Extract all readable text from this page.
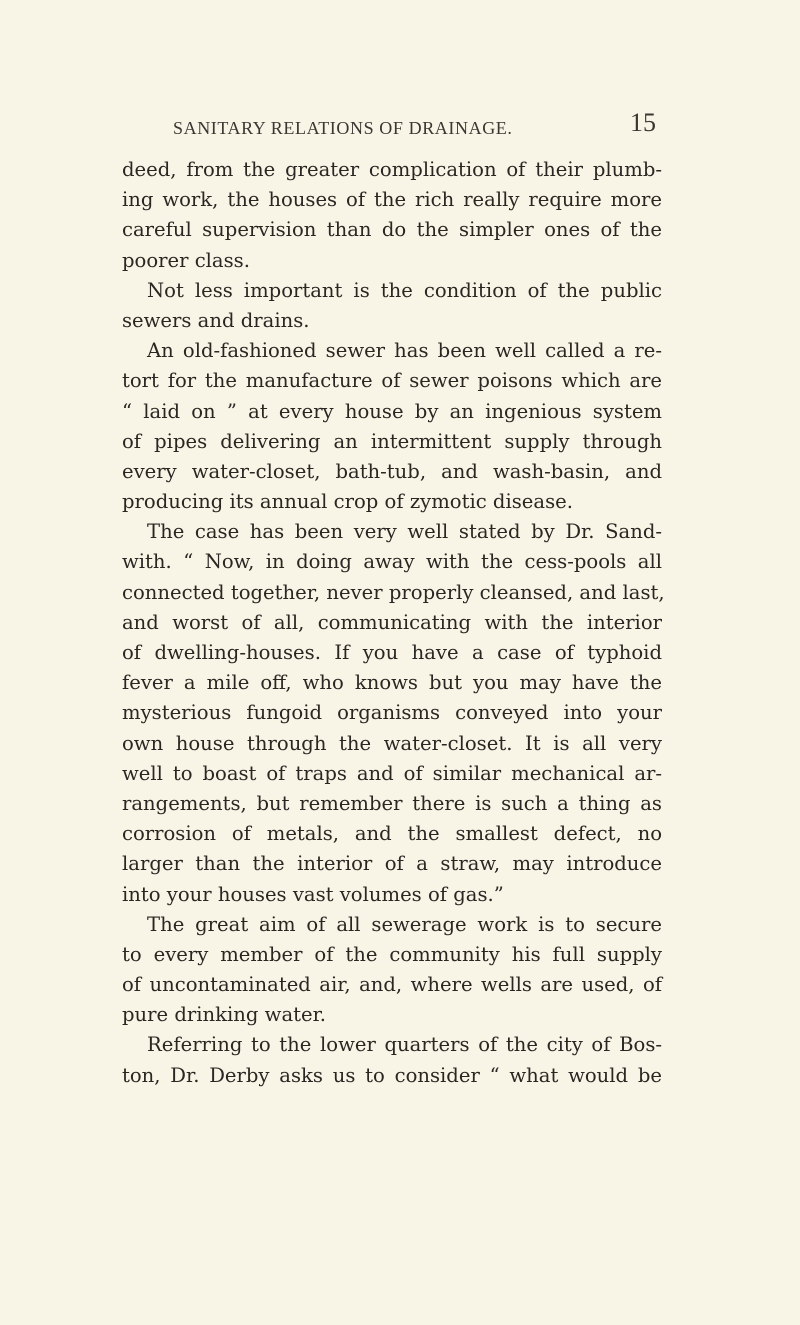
SANITARY RELATIONS OF DRAINAGE.	15
deed, from the greater complication of their plumb-
ing work, the houses of the rich really require more
careful supervision than do the simpler ones of the
poorer class.
Not less important is the condition of the public
sewers and drains.
An old-fashioned sewer has been well called a re-
tort for the manufacture of sewer poisons which are
“ laid on ” at every house by an ingenious system
of pipes delivering an intermittent supply through
every water-closet, bath-tub, and wash-basin, and
producing its annual crop of zymotic disease.
The case has been very well stated by Dr. Sand-
with. “ Now, in doing away with the cess-pools all
connected together, never properly cleansed, and last,
and worst of all, communicating with the interior
of dwelling-houses. If you have a case of typhoid
fever a mile off, who knows but you may have the
mysterious fungoid organisms conveyed into your
own house through the water-closet. It is all very
well to boast of traps and of similar mechanical ar-
rangements, but remember there is such a thing as
corrosion of metals, and the smallest defect, no
larger than the interior of a straw, may introduce
into your houses vast volumes of gas.”
The great aim of all sewerage work is to secure
to every member of the community his full supply
of uncontaminated air, and, where wells are used, of
pure drinking water.
Referring to the lower quarters of the city of Bos-
ton, Dr. Derby asks us to consider “ what would be
